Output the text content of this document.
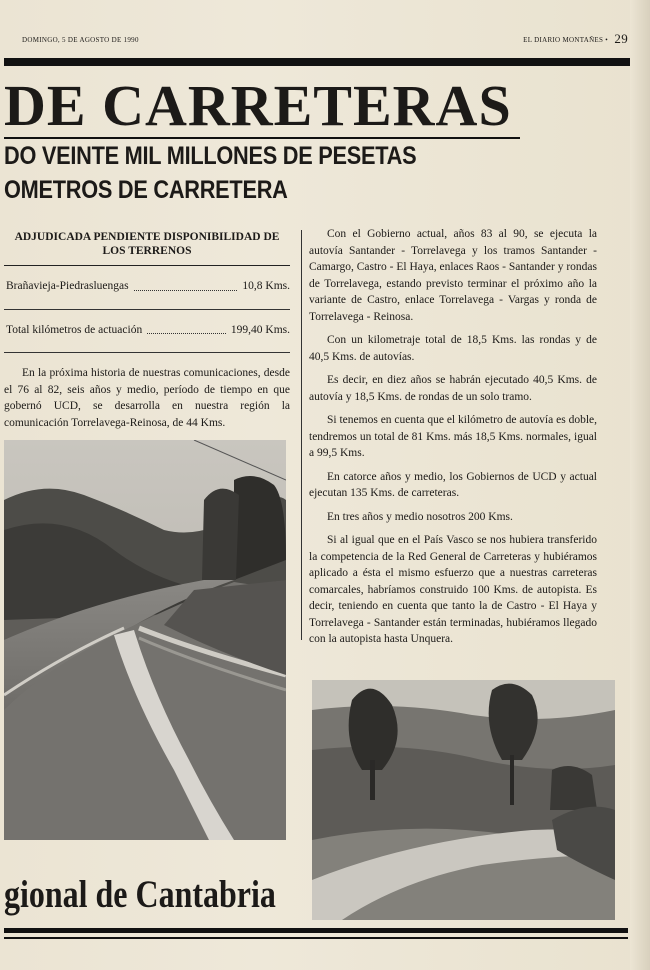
DOMINGO, 5 DE AGOSTO DE 1990	EL DIARIO MONTAÑES • 29
DE CARRETERAS
DO VEINTE MIL MILLONES DE PESETAS
OMETROS DE CARRETERA
ADJUDICADA PENDIENTE DISPONIBILIDAD DE LOS TERRENOS
Brañavieja-Piedrasluengas	10,8 Kms.
Total kilómetros de actuación	199,40 Kms.

En la próxima historia de nuestras comunicaciones, desde el 76 al 82, seis años y medio, período de tiempo en que gobernó UCD, se desarrolla en nuestra región la comunicación Torrelavega-Reinosa, de 44 Kms.

Con el Gobierno actual, años 83 al 90, se ejecuta la autovía Santander - Torrelavega y los tramos Santander - Camargo, Castro - El Haya, enlaces Raos - Santander y rondas de Torrelavega, estando previsto terminar el próximo año la variante de Castro, enlace Torrelavega - Vargas y ronda de Torrelavega - Reinosa.

Con un kilometraje total de 18,5 Kms. las rondas y de 40,5 Kms. de autovías.

Es decir, en diez años se habrán ejecutado 40,5 Kms. de autovía y 18,5 Kms. de rondas de un solo tramo.

Si tenemos en cuenta que el kilómetro de autovía es doble, tendremos un total de 81 Kms. más 18,5 Kms. normales, igual a 99,5 Kms.

En catorce años y medio, los Gobiernos de UCD y actual ejecutan 135 Kms. de carreteras.

En tres años y medio nosotros 200 Kms.

Si al igual que en el País Vasco se nos hubiera transferido la competencia de la Red General de Carreteras y hubiéramos aplicado a ésta el mismo esfuerzo que a nuestras carreteras comarcales, habríamos construido 100 Kms. de autopista. Es decir, teniendo en cuenta que tanto la de Castro - El Haya y Torrelavega - Santander están terminadas, hubiéramos llegado con la autopista hasta Unquera.

gional de Cantabria
